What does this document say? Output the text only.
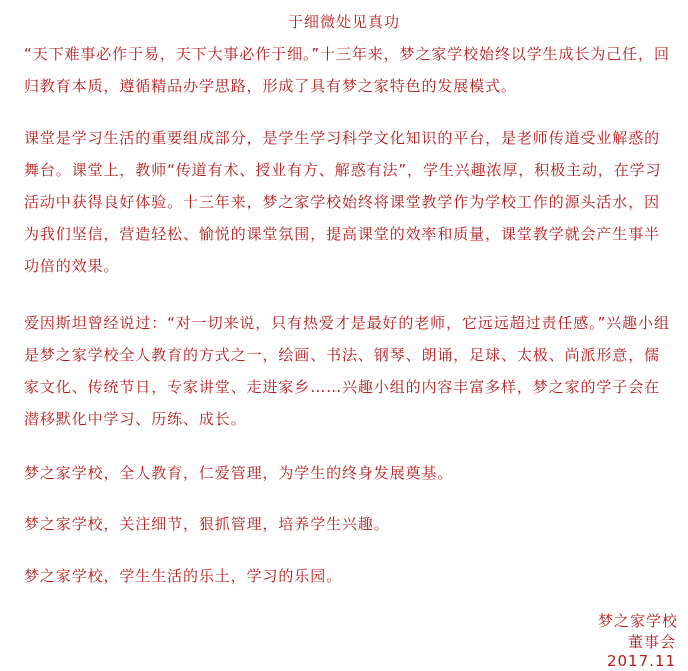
于细微处见真功

“天下难事必作于易，天下大事必作于细。”十三年来，梦之家学校始终以学生成长为己任，回归教育本质，遵循精品办学思路，形成了具有梦之家特色的发展模式。

课堂是学习生活的重要组成部分，是学生学习科学文化知识的平台，是老师传道受业解惑的舞台。课堂上，教师“传道有术、授业有方、解惑有法”，学生兴趣浓厚，积极主动，在学习活动中获得良好体验。十三年来，梦之家学校始终将课堂教学作为学校工作的源头活水，因为我们坚信，营造轻松、愉悦的课堂氛围，提高课堂的效率和质量，课堂教学就会产生事半功倍的效果。

爱因斯坦曾经说过：“对一切来说，只有热爱才是最好的老师，它远远超过责任感。”兴趣小组是梦之家学校全人教育的方式之一，绘画、书法、钢琴、朗诵，足球、太极、尚派形意，儒家文化、传统节日，专家讲堂、走进家乡……兴趣小组的内容丰富多样，梦之家的学子会在潜移默化中学习、历练、成长。

梦之家学校，全人教育，仁爱管理，为学生的终身发展奠基。

梦之家学校，关注细节，狠抓管理，培养学生兴趣。

梦之家学校，学生生活的乐土，学习的乐园。

梦之家学校
董事会
2017.11
